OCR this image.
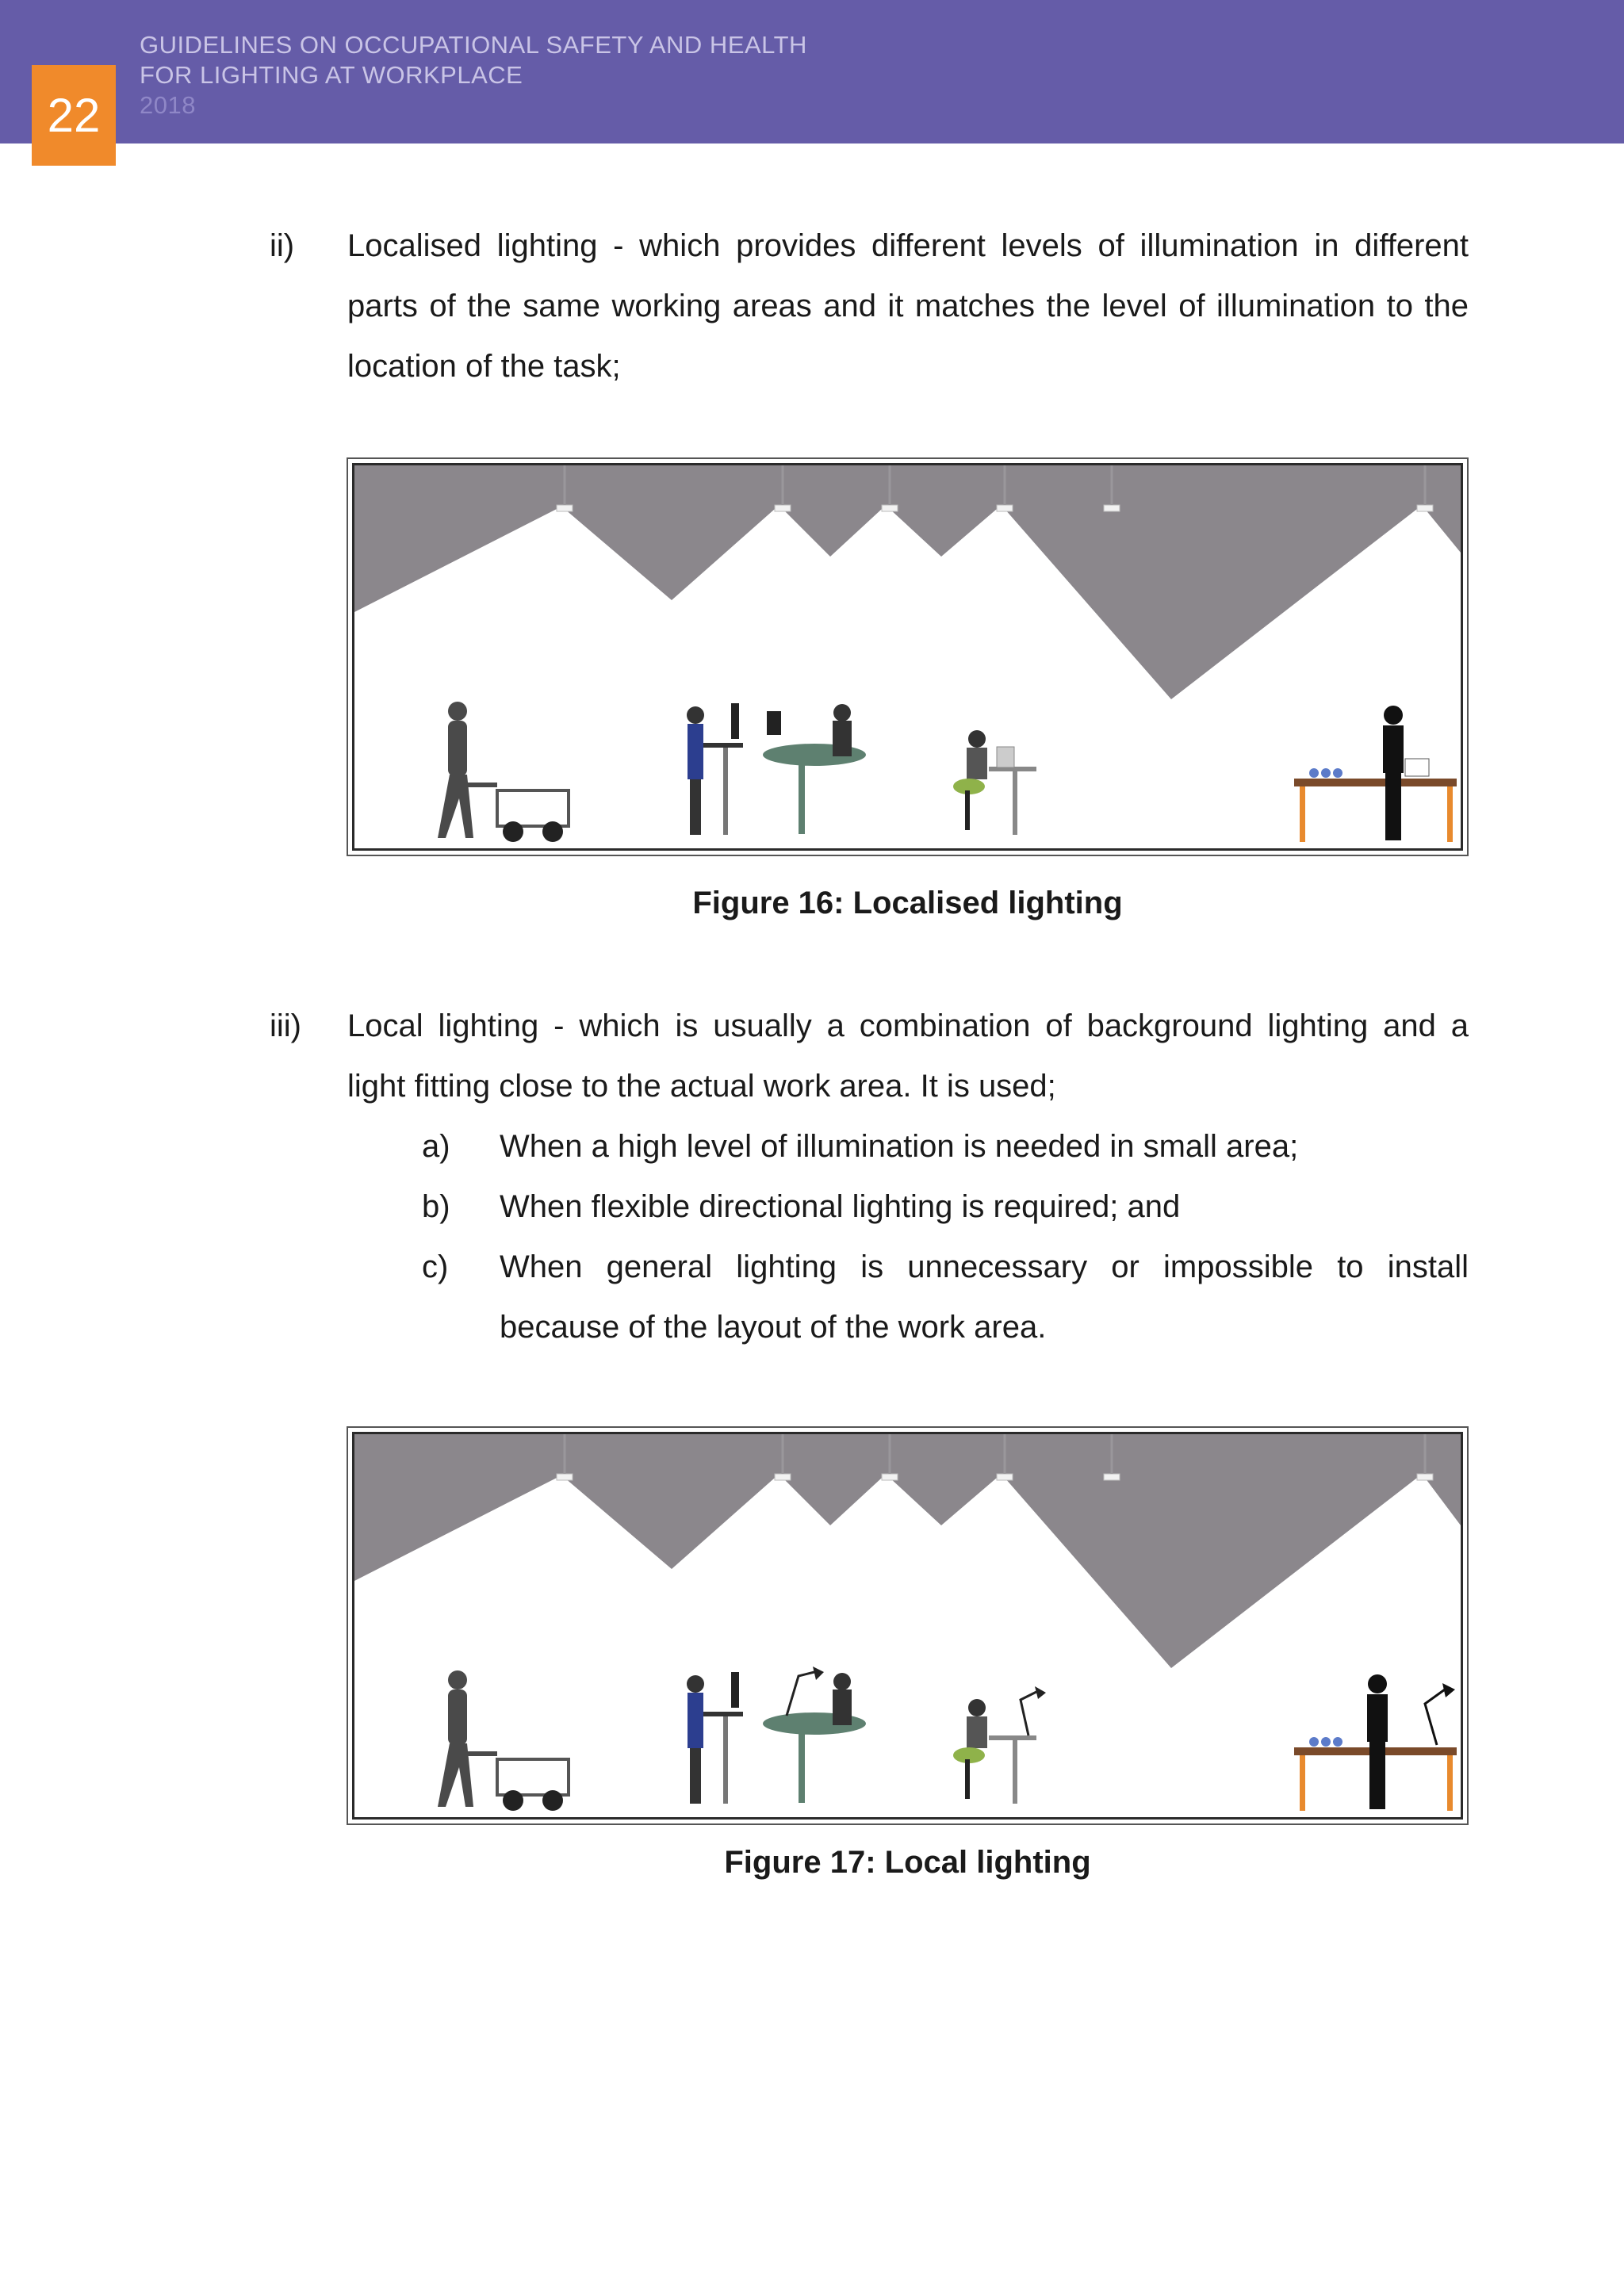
GUIDELINES ON OCCUPATIONAL SAFETY AND HEALTH
FOR LIGHTING AT WORKPLACE
2018
22
ii) Localised lighting - which provides different levels of illumination in different
parts of the same working areas and it matches the level of illumination to the
location of the task;
Figure 16: Localised lighting
iii) Local lighting - which is usually a combination of background lighting and a
light fitting close to the actual work area. It is used;
a) When a high level of illumination is needed in small area;
b) When flexible directional lighting is required; and
c) When general lighting is unnecessary or impossible to install
because of the layout of the work area.
Figure 17: Local lighting
